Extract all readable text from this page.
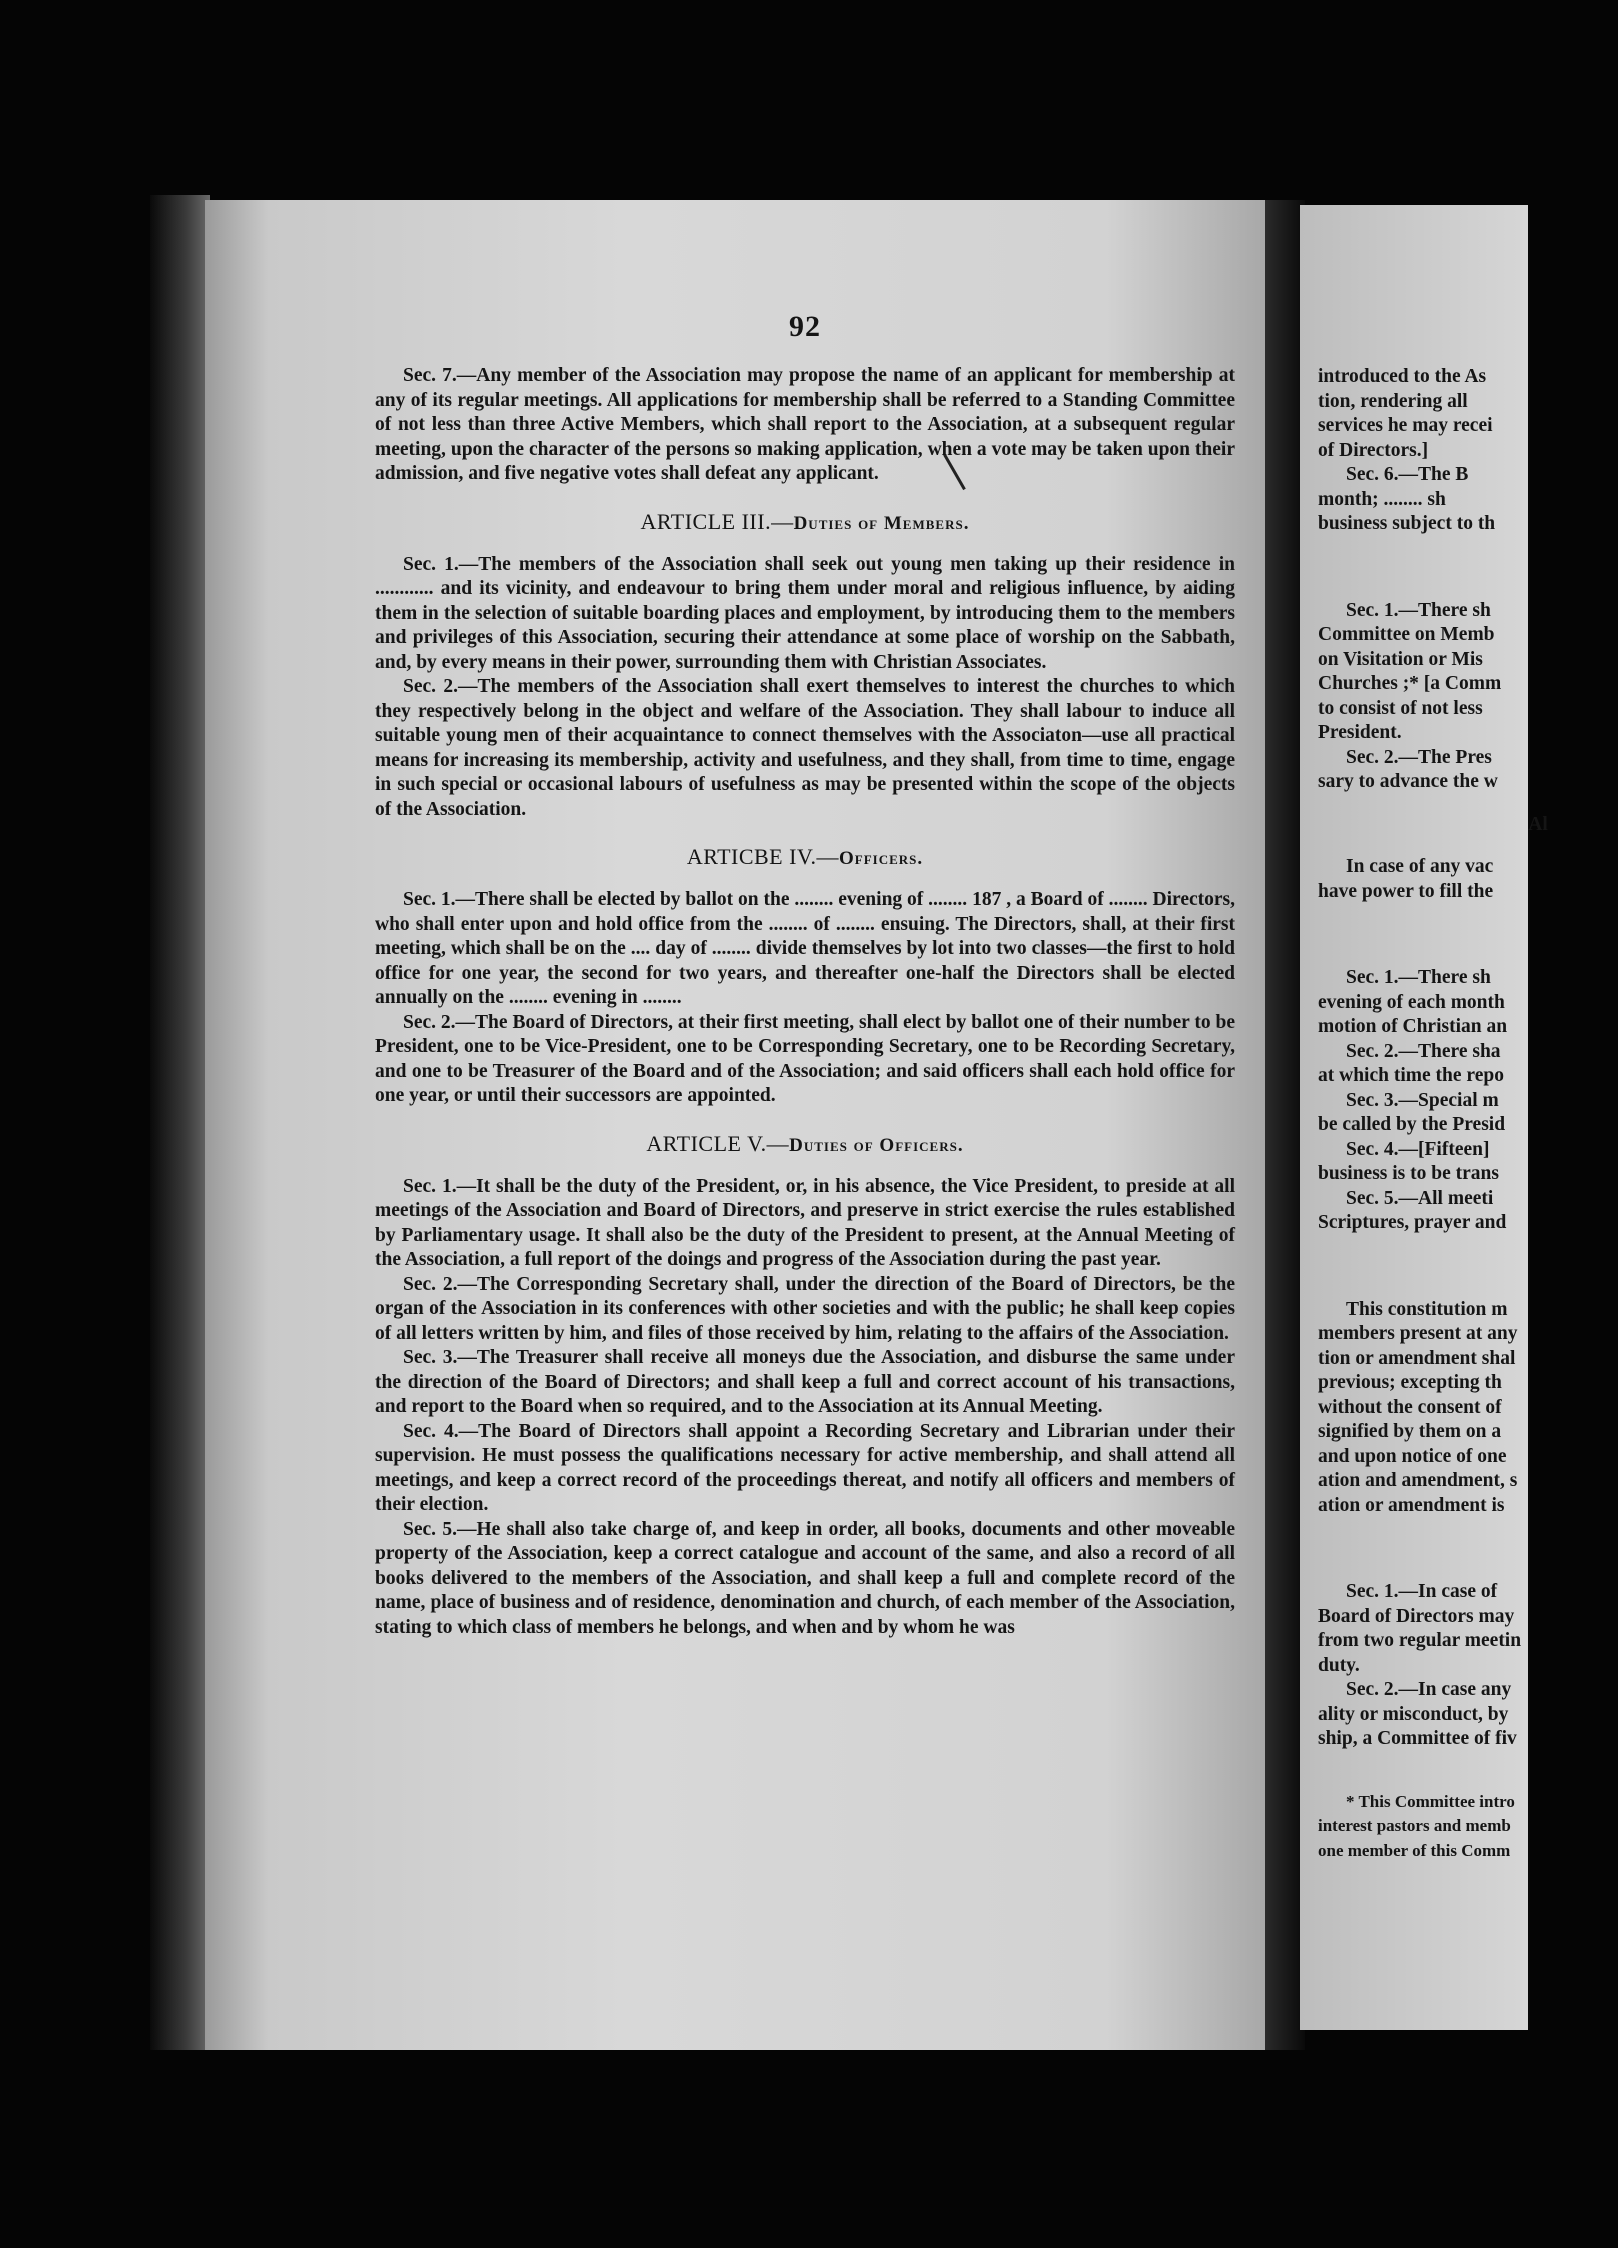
92

Sec. 7.—Any member of the Association may propose the name of an applicant for membership at any of its regular meetings. All applications for membership shall be referred to a Standing Committee of not less than three Active Members, which shall report to the Association, at a subsequent regular meeting, upon the character of the persons so making application, when a vote may be taken upon their admission, and five negative votes shall defeat any applicant.

ARTICLE III.—Duties of Members.

Sec. 1.—The members of the Association shall seek out young men taking up their residence in ............ and its vicinity, and endeavour to bring them under moral and religious influence, by aiding them in the selection of suitable boarding places and employment, by introducing them to the members and privileges of this Association, securing their attendance at some place of worship on the Sabbath, and, by every means in their power, surrounding them with Christian Associates.

Sec. 2.—The members of the Association shall exert themselves to interest the churches to which they respectively belong in the object and welfare of the Association. They shall labour to induce all suitable young men of their acquaintance to connect themselves with the Associaton—use all practical means for increasing its membership, activity and usefulness, and they shall, from time to time, engage in such special or occasional labours of usefulness as may be presented within the scope of the objects of the Association.

ARTICBE IV.—Officers.

Sec. 1.—There shall be elected by ballot on the ........ evening of ........ 187 , a Board of ........ Directors, who shall enter upon and hold office from the ........ of ........ ensuing. The Directors, shall, at their first meeting, which shall be on the .... day of ........ divide themselves by lot into two classes—the first to hold office for one year, the second for two years, and thereafter one-half the Directors shall be elected annually on the ........ evening in ........

Sec. 2.—The Board of Directors, at their first meeting, shall elect by ballot one of their number to be President, one to be Vice-President, one to be Corresponding Secretary, one to be Recording Secretary, and one to be Treasurer of the Board and of the Association; and said officers shall each hold office for one year, or until their successors are appointed.

ARTICLE V.—Duties of Officers.

Sec. 1.—It shall be the duty of the President, or, in his absence, the Vice President, to preside at all meetings of the Association and Board of Directors, and preserve in strict exercise the rules established by Parliamentary usage. It shall also be the duty of the President to present, at the Annual Meeting of the Association, a full report of the doings and progress of the Association during the past year.

Sec. 2.—The Corresponding Secretary shall, under the direction of the Board of Directors, be the organ of the Association in its conferences with other societies and with the public; he shall keep copies of all letters written by him, and files of those received by him, relating to the affairs of the Association.

Sec. 3.—The Treasurer shall receive all moneys due the Association, and disburse the same under the direction of the Board of Directors; and shall keep a full and correct account of his transactions, and report to the Board when so required, and to the Association at its Annual Meeting.

Sec. 4.—The Board of Directors shall appoint a Recording Secretary and Librarian under their supervision. He must possess the qualifications necessary for active membership, and shall attend all meetings, and keep a correct record of the proceedings thereat, and notify all officers and members of their election.

Sec. 5.—He shall also take charge of, and keep in order, all books, documents and other moveable property of the Association, keep a correct catalogue and account of the same, and also a record of all books delivered to the members of the Association, and shall keep a full and complete record of the name, place of business and of residence, denomination and church, of each member of the Association, stating to which class of members he belongs, and when and by whom he was

introduced to the As
tion, rendering all
services he may recei
of Directors.]
Sec. 6.—The B
month; ........ sh
business subject to th
Sec. 1.—There sh
Committee on Memb
on Visitation or Mis
Churches ;* [a Comm
to consist of not less
President.
Sec. 2.—The Pres
sary to advance the w
Al
In case of any vac
have power to fill the
Sec. 1.—There sh
evening of each month
motion of Christian an
Sec. 2.—There sha
at which time the repo
Sec. 3.—Special m
be called by the Presid
Sec. 4.—[Fifteen]
business is to be trans
Sec. 5.—All meeti
Scriptures, prayer and
This constitution m
members present at any
tion or amendment shal
previous; excepting th
without the consent of
signified by them on a
and upon notice of one
ation and amendment, s
ation or amendment is
Sec. 1.—In case of
Board of Directors may
from two regular meetin
duty.
Sec. 2.—In case any
ality or misconduct, by
ship, a Committee of fiv
* This Committee intro
interest pastors and memb
one member of this Comm
